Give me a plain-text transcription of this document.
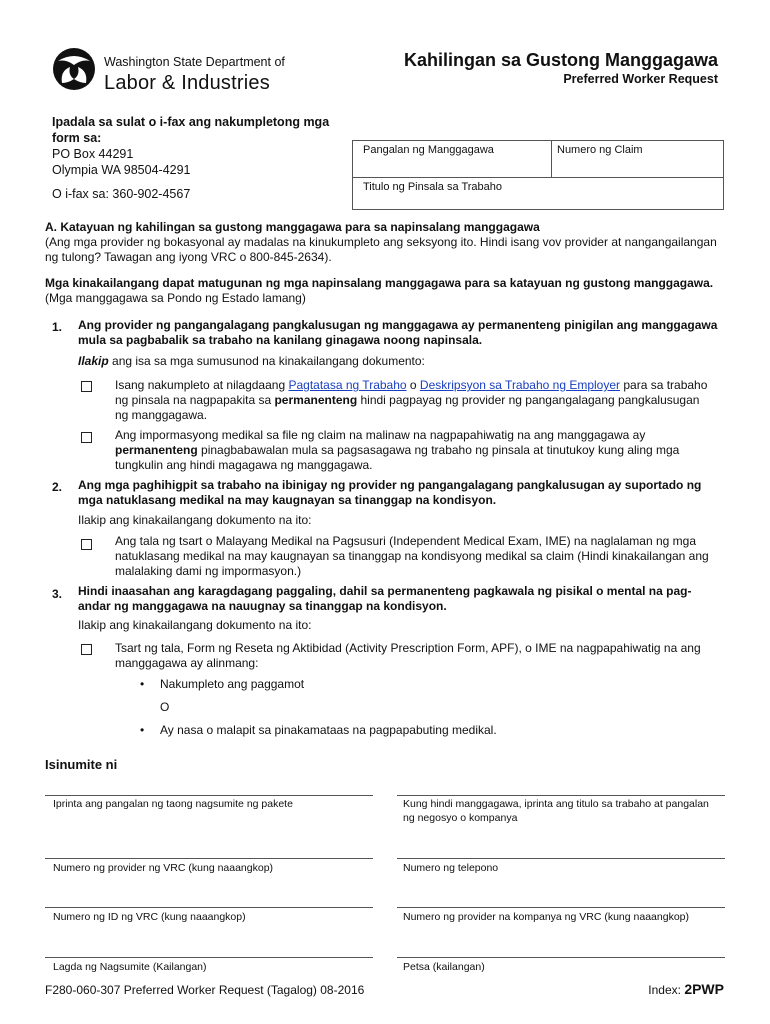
Washington State Department of
Labor & Industries
Kahilingan sa Gustong Manggagawa
Preferred Worker Request
Ipadala sa sulat o i-fax ang nakumpletong mga form sa:
PO Box 44291
Olympia WA 98504-4291
O i-fax sa: 360-902-4567
Pangalan ng Manggagawa	Numero ng Claim
Titulo ng Pinsala sa Trabaho
A. Katayuan ng kahilingan sa gustong manggagawa para sa napinsalang manggagawa
(Ang mga provider ng bokasyonal ay madalas na kinukumpleto ang seksyong ito. Hindi isang vov provider at nangangailangan ng tulong? Tawagan ang iyong VRC o 800-845-2634).
Mga kinakailangang dapat matugunan ng mga napinsalang manggagawa para sa katayuan ng gustong manggagawa. (Mga manggagawa sa Pondo ng Estado lamang)
1. Ang provider ng pangangalagang pangkalusugan ng manggagawa ay permanenteng pinigilan ang manggagawa mula sa pagbabalik sa trabaho na kanilang ginagawa noong napinsala.
Ilakip ang isa sa mga sumusunod na kinakailangang dokumento:
Isang nakumpleto at nilagdaang Pagtatasa ng Trabaho o Deskripsyon sa Trabaho ng Employer para sa trabaho ng pinsala na nagpapakita sa permanenteng hindi pagpayag ng provider ng pangangalagang pangkalusugan ng manggagawa.
Ang impormasyong medikal sa file ng claim na malinaw na nagpapahiwatig na ang manggagawa ay permanenteng pinagbabawalan mula sa pagsasagawa ng trabaho ng pinsala at tinutukoy kung aling mga tungkulin ang hindi magagawa ng manggagawa.
2. Ang mga paghihigpit sa trabaho na ibinigay ng provider ng pangangalagang pangkalusugan ay suportado ng mga natuklasang medikal na may kaugnayan sa tinanggap na kondisyon.
Ilakip ang kinakailangang dokumento na ito:
Ang tala ng tsart o Malayang Medikal na Pagsusuri (Independent Medical Exam, IME) na naglalaman ng mga natuklasang medikal na may kaugnayan sa tinanggap na kondisyong medikal sa claim (Hindi kinakailangan ang malalaking dami ng impormasyon.)
3. Hindi inaasahan ang karagdagang paggaling, dahil sa permanenteng pagkawala ng pisikal o mental na pag-andar ng manggagawa na nauugnay sa tinanggap na kondisyon.
Ilakip ang kinakailangang dokumento na ito:
Tsart ng tala, Form ng Reseta ng Aktibidad (Activity Prescription Form, APF), o IME na nagpapahiwatig na ang manggagawa ay alinmang:
• Nakumpleto ang paggamot
O
• Ay nasa o malapit sa pinakamataas na pagpapabuting medikal.
Isinumite ni
Iprinta ang pangalan ng taong nagsumite ng pakete	Kung hindi manggagawa, iprinta ang titulo sa trabaho at pangalan ng negosyo o kompanya
Numero ng provider ng VRC (kung naaangkop)	Numero ng telepono
Numero ng ID ng VRC (kung naaangkop)	Numero ng provider na kompanya ng VRC (kung naaangkop)
Lagda ng Nagsumite (Kailangan)	Petsa (kailangan)
F280-060-307 Preferred Worker Request (Tagalog) 08-2016	Index: 2PWP
